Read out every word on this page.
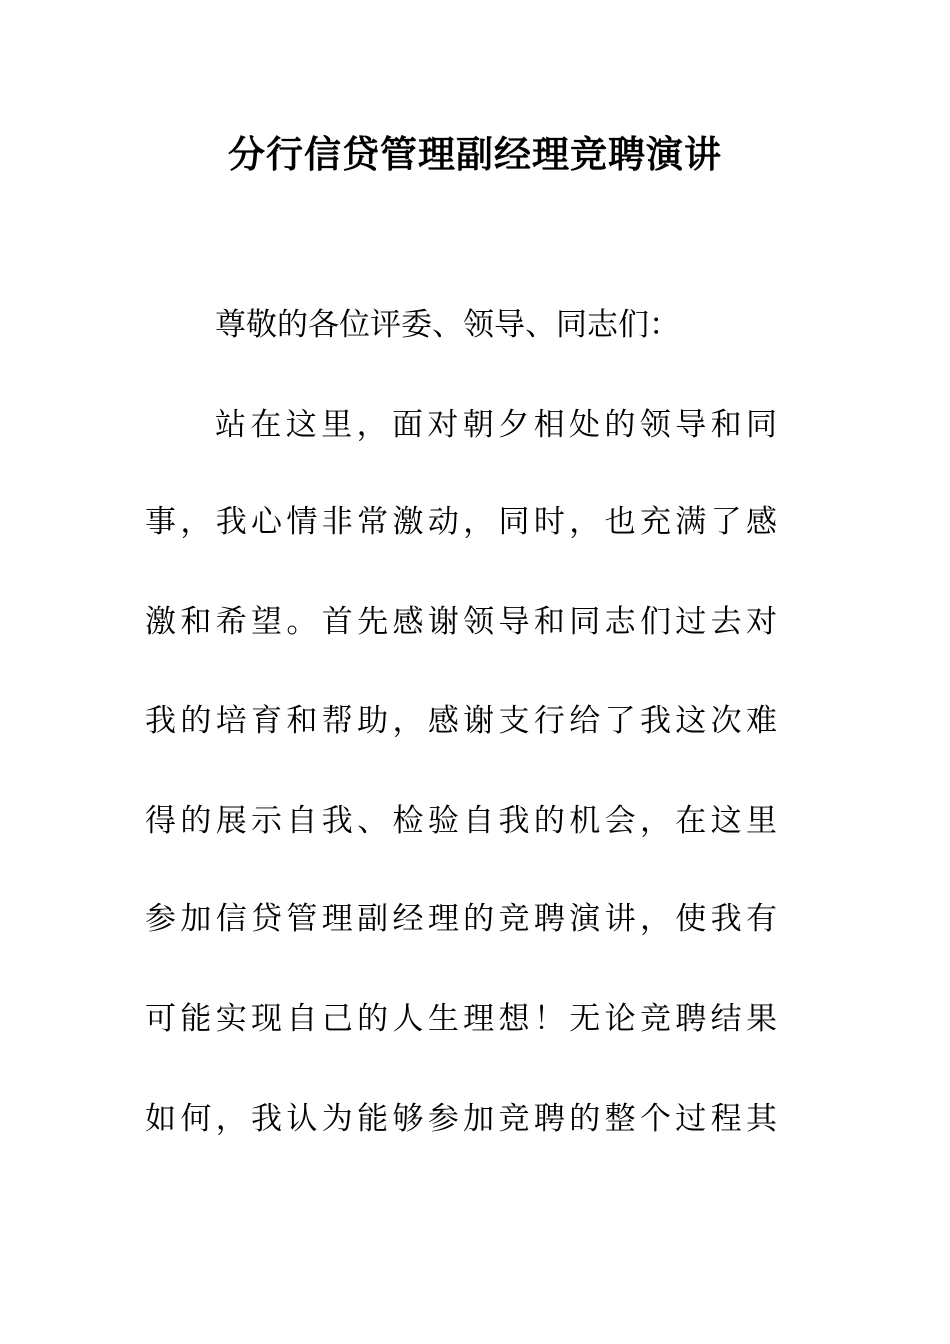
分行信贷管理副经理竞聘演讲

尊敬的各位评委、领导、同志们：

站在这里，面对朝夕相处的领导和同

事，我心情非常激动，同时，也充满了感

激和希望。首先感谢领导和同志们过去对

我的培育和帮助，感谢支行给了我这次难

得的展示自我、检验自我的机会，在这里

参加信贷管理副经理的竞聘演讲，使我有

可能实现自己的人生理想！无论竞聘结果

如何，我认为能够参加竞聘的整个过程其
